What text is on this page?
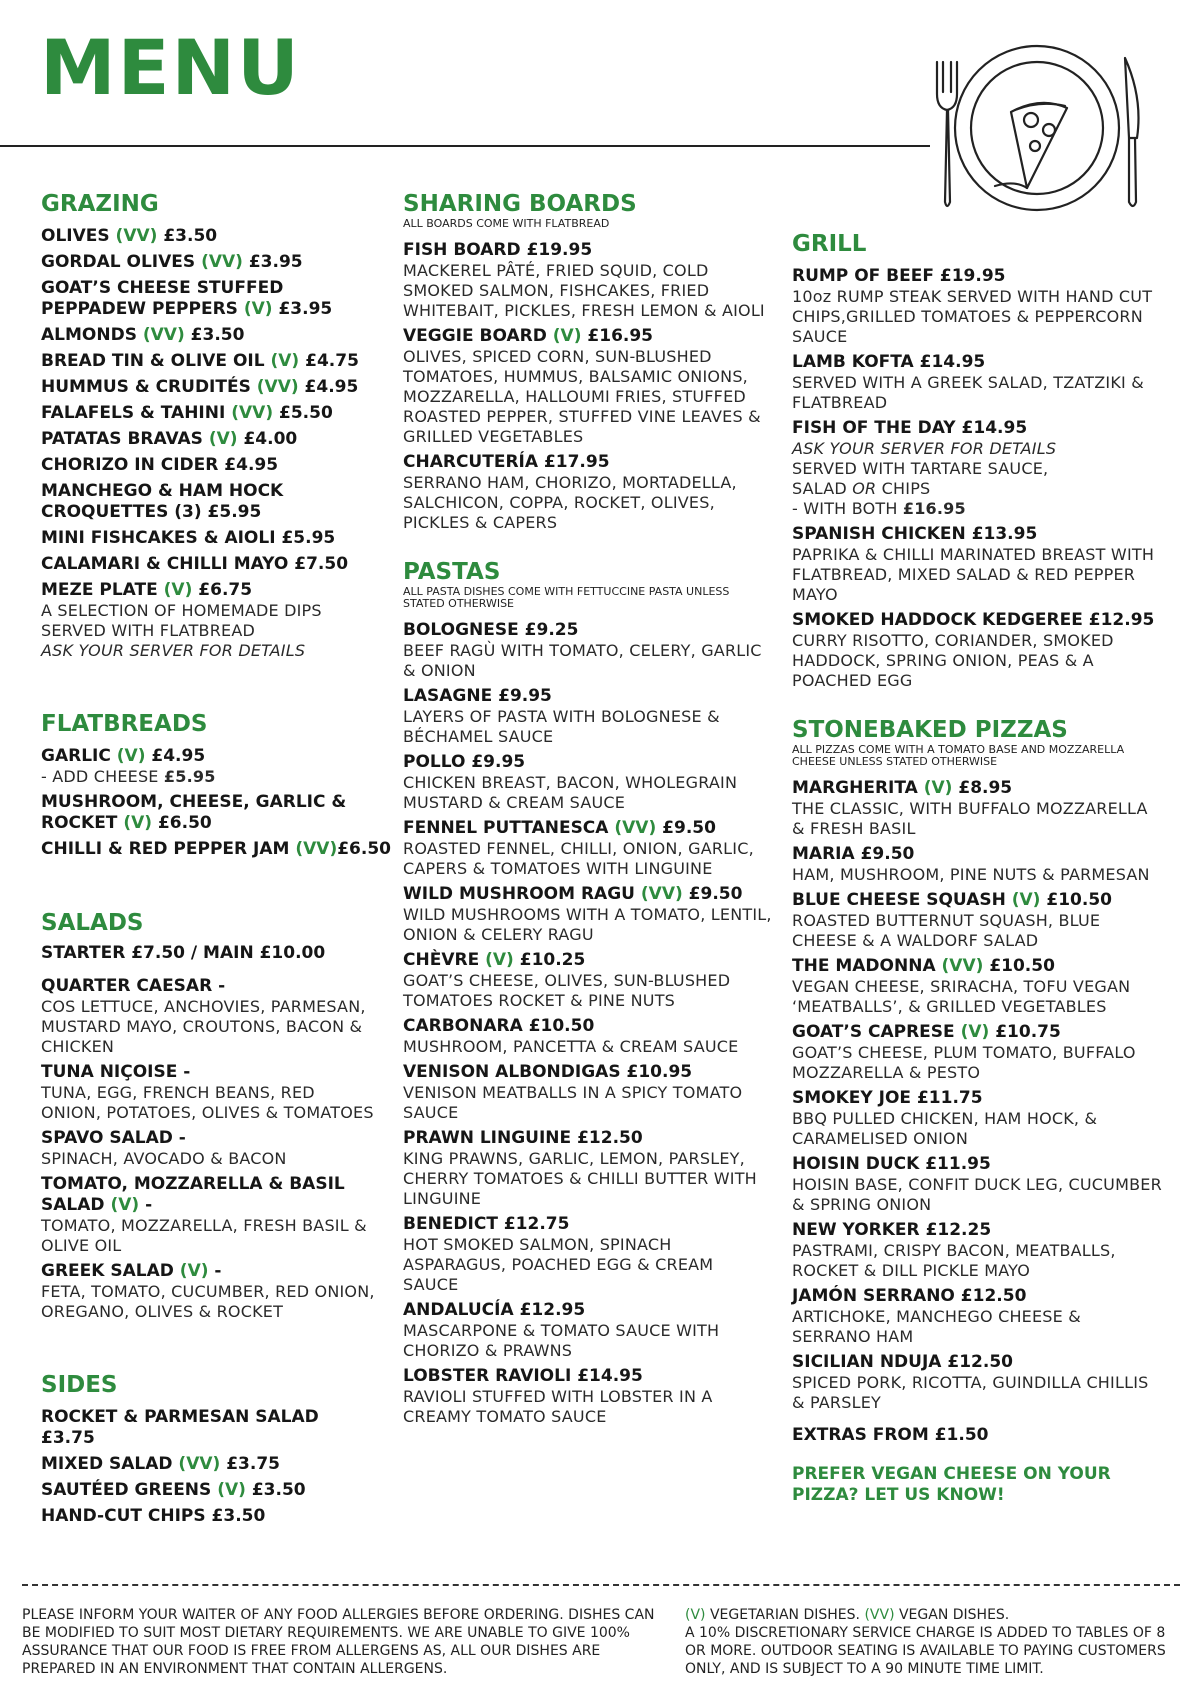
MENU
GRAZING
OLIVES (VV) £3.50
GORDAL OLIVES (VV) £3.95
GOAT’S CHEESE STUFFED PEPPADEW PEPPERS (V) £3.95
ALMONDS (VV) £3.50
BREAD TIN & OLIVE OIL (V) £4.75
HUMMUS & CRUDITÉS (VV) £4.95
FALAFELS & TAHINI (VV) £5.50
PATATAS BRAVAS (V) £4.00
CHORIZO IN CIDER £4.95
MANCHEGO & HAM HOCK CROQUETTES (3) £5.95
MINI FISHCAKES & AIOLI £5.95
CALAMARI & CHILLI MAYO £7.50
MEZE PLATE (V) £6.75
A SELECTION OF HOMEMADE DIPS SERVED WITH FLATBREAD
ASK YOUR SERVER FOR DETAILS
FLATBREADS
GARLIC (V) £4.95
- ADD CHEESE £5.95
MUSHROOM, CHEESE, GARLIC & ROCKET (V) £6.50
CHILLI & RED PEPPER JAM (VV)£6.50
SALADS
STARTER £7.50 / MAIN £10.00
QUARTER CAESAR -
COS LETTUCE, ANCHOVIES, PARMESAN, MUSTARD MAYO, CROUTONS, BACON & CHICKEN
TUNA NIÇOISE -
TUNA, EGG, FRENCH BEANS, RED ONION, POTATOES, OLIVES & TOMATOES
SPAVO SALAD -
SPINACH, AVOCADO & BACON
TOMATO, MOZZARELLA & BASIL SALAD (V) -
TOMATO, MOZZARELLA, FRESH BASIL & OLIVE OIL
GREEK SALAD (V) -
FETA, TOMATO, CUCUMBER, RED ONION, OREGANO, OLIVES & ROCKET
SIDES
ROCKET & PARMESAN SALAD £3.75
MIXED SALAD (VV) £3.75
SAUTÉED GREENS (V) £3.50
HAND-CUT CHIPS £3.50
SHARING BOARDS
ALL BOARDS COME WITH FLATBREAD
FISH BOARD £19.95
MACKEREL PÂTÉ, FRIED SQUID, COLD SMOKED SALMON, FISHCAKES, FRIED WHITEBAIT, PICKLES, FRESH LEMON & AIOLI
VEGGIE BOARD (V) £16.95
OLIVES, SPICED CORN, SUN-BLUSHED TOMATOES, HUMMUS, BALSAMIC ONIONS, MOZZARELLA, HALLOUMI FRIES, STUFFED ROASTED PEPPER, STUFFED VINE LEAVES & GRILLED VEGETABLES
CHARCUTERÍA £17.95
SERRANO HAM, CHORIZO, MORTADELLA, SALCHICON, COPPA, ROCKET, OLIVES, PICKLES & CAPERS
PASTAS
ALL PASTA DISHES COME WITH FETTUCCINE PASTA UNLESS STATED OTHERWISE
BOLOGNESE £9.25
BEEF RAGÙ WITH TOMATO, CELERY, GARLIC & ONION
LASAGNE £9.95
LAYERS OF PASTA WITH BOLOGNESE & BÉCHAMEL SAUCE
POLLO £9.95
CHICKEN BREAST, BACON, WHOLEGRAIN MUSTARD & CREAM SAUCE
FENNEL PUTTANESCA (VV) £9.50
ROASTED FENNEL, CHILLI, ONION, GARLIC, CAPERS & TOMATOES WITH LINGUINE
WILD MUSHROOM RAGU (VV) £9.50
WILD MUSHROOMS WITH A TOMATO, LENTIL, ONION & CELERY RAGU
CHÈVRE (V) £10.25
GOAT’S CHEESE, OLIVES, SUN-BLUSHED TOMATOES ROCKET & PINE NUTS
CARBONARA £10.50
MUSHROOM, PANCETTA & CREAM SAUCE
VENISON ALBONDIGAS £10.95
VENISON MEATBALLS IN A SPICY TOMATO SAUCE
PRAWN LINGUINE £12.50
KING PRAWNS, GARLIC, LEMON, PARSLEY, CHERRY TOMATOES & CHILLI BUTTER WITH LINGUINE
BENEDICT £12.75
HOT SMOKED SALMON, SPINACH ASPARAGUS, POACHED EGG & CREAM SAUCE
ANDALUCÍA £12.95
MASCARPONE & TOMATO SAUCE WITH CHORIZO & PRAWNS
LOBSTER RAVIOLI £14.95
RAVIOLI STUFFED WITH LOBSTER IN A CREAMY TOMATO SAUCE
GRILL
RUMP OF BEEF £19.95
10oz RUMP STEAK SERVED WITH HAND CUT CHIPS,GRILLED TOMATOES & PEPPERCORN SAUCE
LAMB KOFTA £14.95
SERVED WITH A GREEK SALAD, TZATZIKI & FLATBREAD
FISH OF THE DAY £14.95
ASK YOUR SERVER FOR DETAILS
SERVED WITH TARTARE SAUCE,
SALAD OR CHIPS
- WITH BOTH £16.95
SPANISH CHICKEN £13.95
PAPRIKA & CHILLI MARINATED BREAST WITH FLATBREAD, MIXED SALAD & RED PEPPER MAYO
SMOKED HADDOCK KEDGEREE £12.95
CURRY RISOTTO, CORIANDER, SMOKED HADDOCK, SPRING ONION, PEAS & A POACHED EGG
STONEBAKED PIZZAS
ALL PIZZAS COME WITH A TOMATO BASE AND MOZZARELLA CHEESE UNLESS STATED OTHERWISE
MARGHERITA (V) £8.95
THE CLASSIC, WITH BUFFALO MOZZARELLA & FRESH BASIL
MARIA £9.50
HAM, MUSHROOM, PINE NUTS & PARMESAN
BLUE CHEESE SQUASH (V) £10.50
ROASTED BUTTERNUT SQUASH, BLUE CHEESE & A WALDORF SALAD
THE MADONNA (VV) £10.50
VEGAN CHEESE, SRIRACHA, TOFU VEGAN ‘MEATBALLS’, & GRILLED VEGETABLES
GOAT’S CAPRESE (V) £10.75
GOAT’S CHEESE, PLUM TOMATO, BUFFALO MOZZARELLA & PESTO
SMOKEY JOE £11.75
BBQ PULLED CHICKEN, HAM HOCK, & CARAMELISED ONION
HOISIN DUCK £11.95
HOISIN BASE, CONFIT DUCK LEG, CUCUMBER & SPRING ONION
NEW YORKER £12.25
PASTRAMI, CRISPY BACON, MEATBALLS, ROCKET & DILL PICKLE MAYO
JAMÓN SERRANO £12.50
ARTICHOKE, MANCHEGO CHEESE & SERRANO HAM
SICILIAN NDUJA £12.50
SPICED PORK, RICOTTA, GUINDILLA CHILLIS & PARSLEY
EXTRAS FROM £1.50
PREFER VEGAN CHEESE ON YOUR PIZZA? LET US KNOW!
PLEASE INFORM YOUR WAITER OF ANY FOOD ALLERGIES BEFORE ORDERING. DISHES CAN BE MODIFIED TO SUIT MOST DIETARY REQUIREMENTS. WE ARE UNABLE TO GIVE 100% ASSURANCE THAT OUR FOOD IS FREE FROM ALLERGENS AS, ALL OUR DISHES ARE PREPARED IN AN ENVIRONMENT THAT CONTAIN ALLERGENS.
(V) VEGETARIAN DISHES. (VV) VEGAN DISHES.
A 10% DISCRETIONARY SERVICE CHARGE IS ADDED TO TABLES OF 8 OR MORE. OUTDOOR SEATING IS AVAILABLE TO PAYING CUSTOMERS ONLY, AND IS SUBJECT TO A 90 MINUTE TIME LIMIT.
